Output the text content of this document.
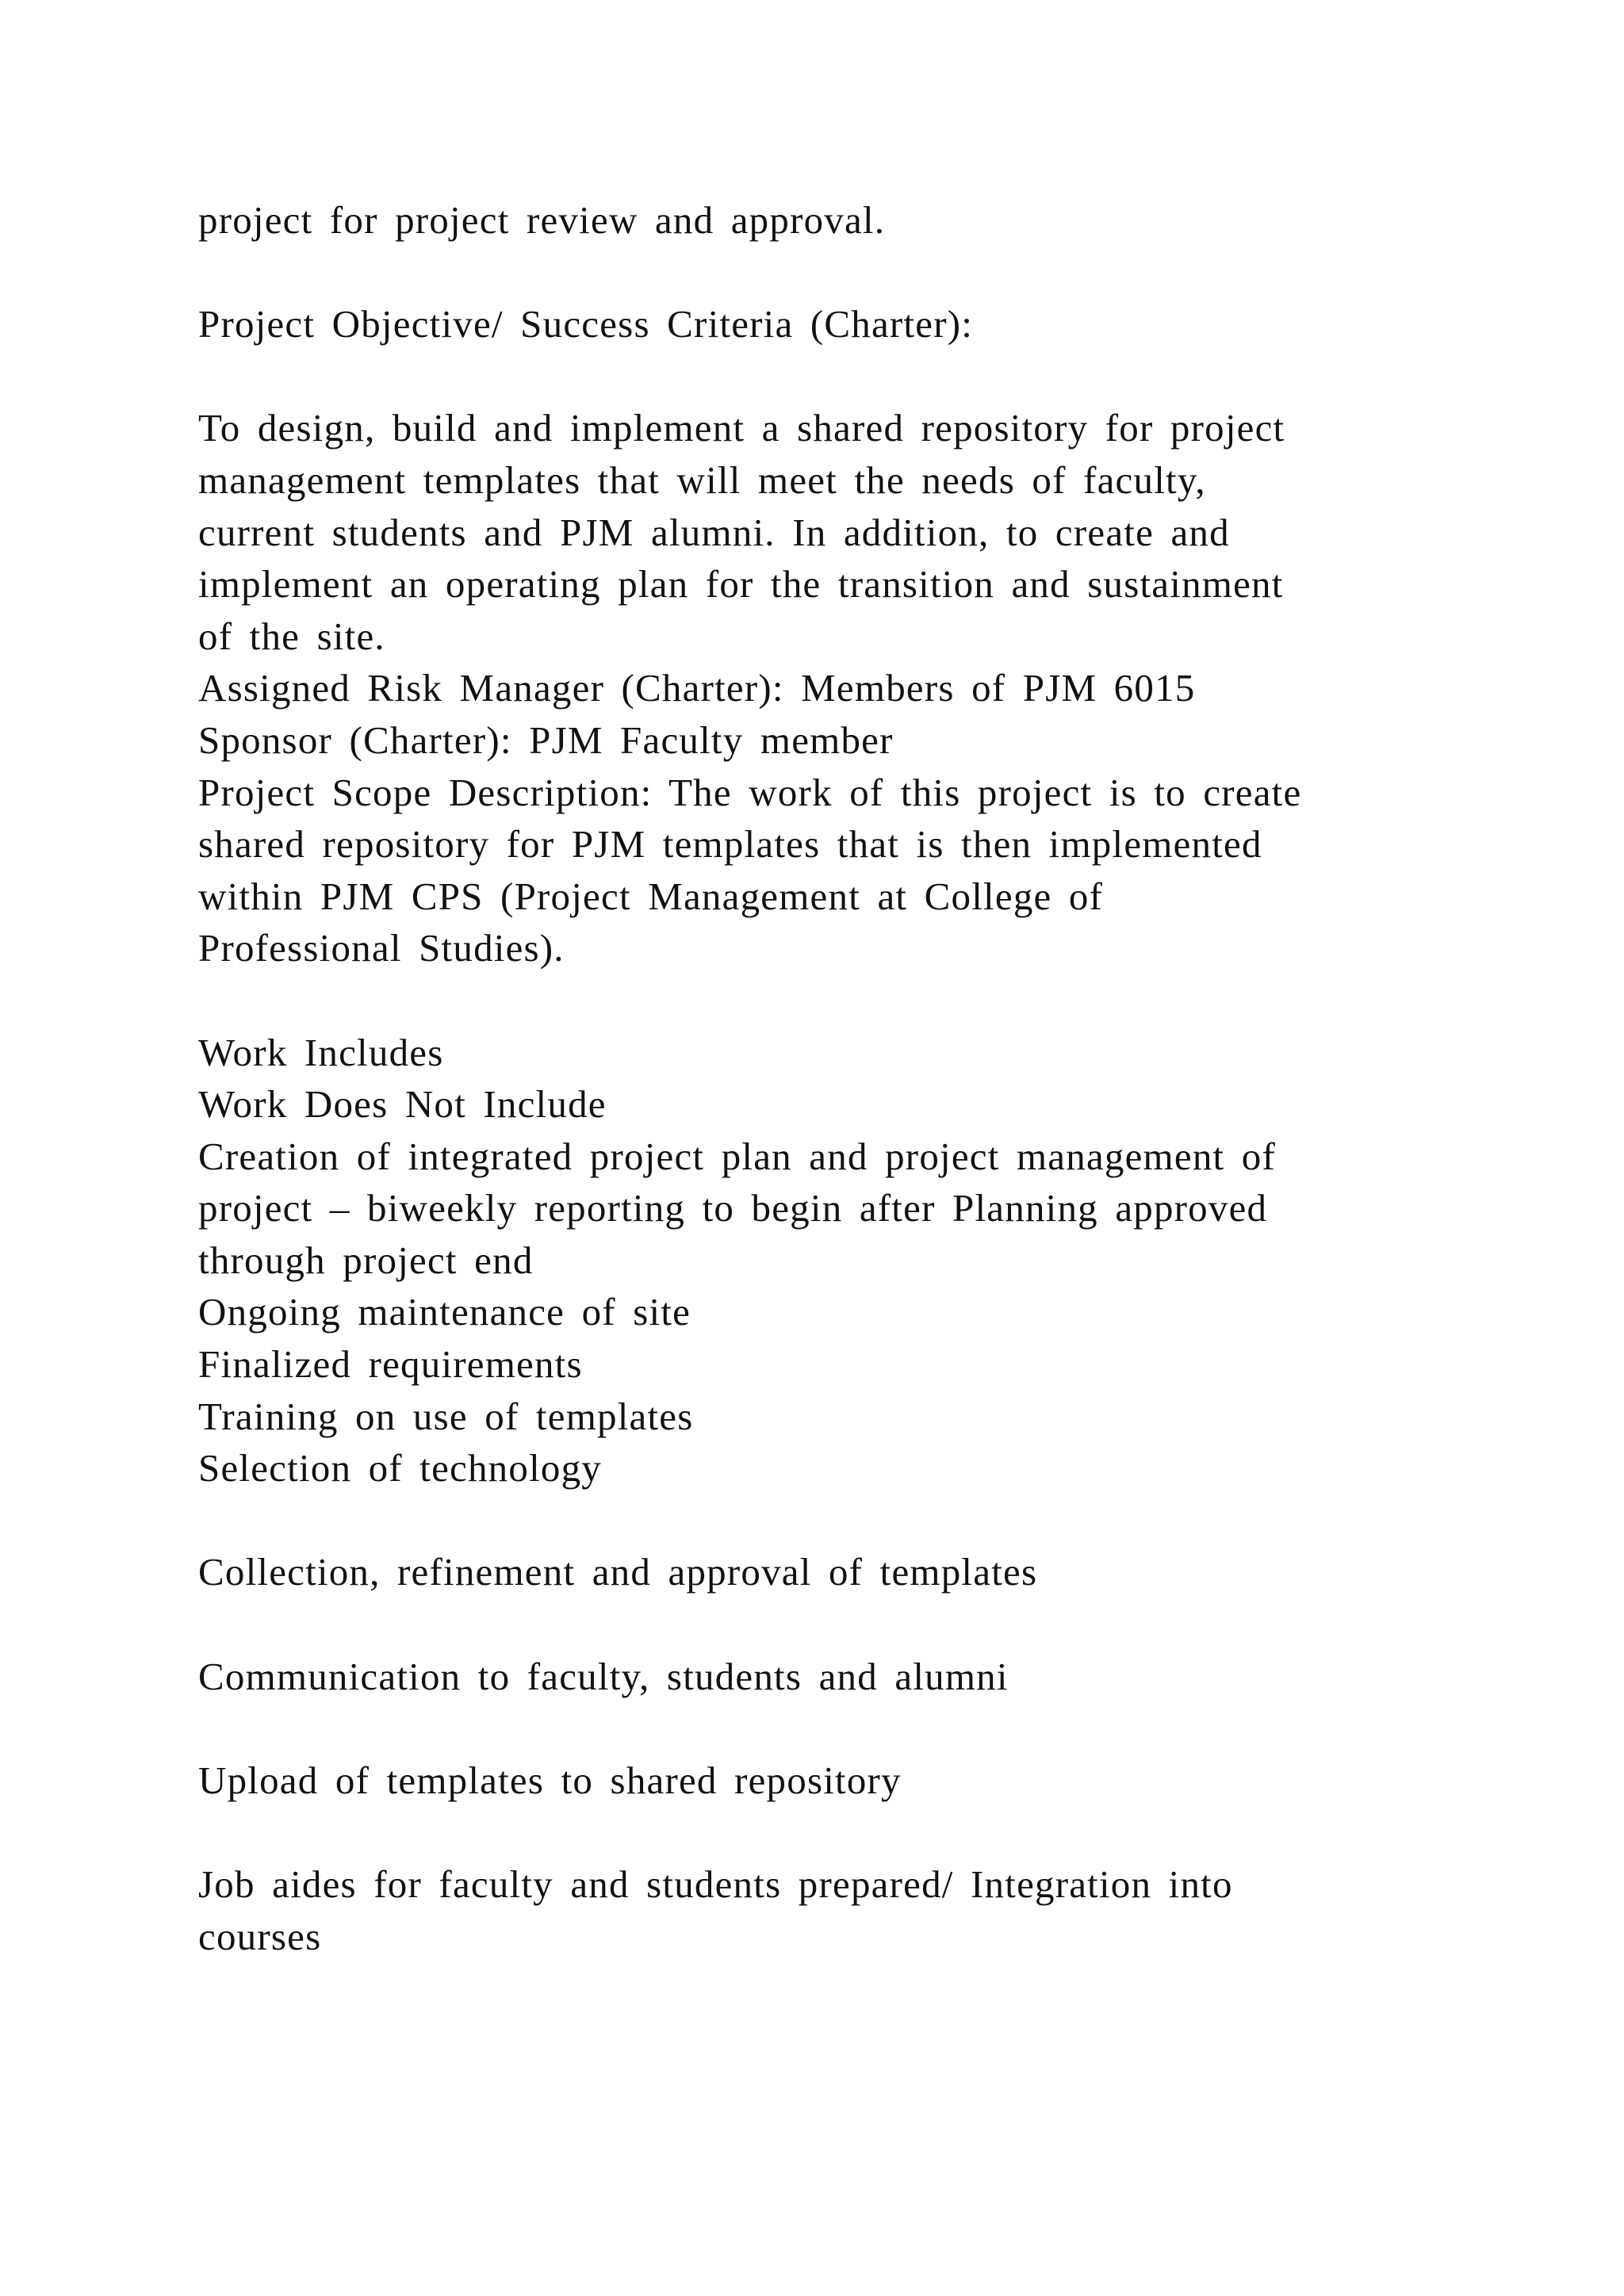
project for project review and approval.
Project Objective/ Success Criteria (Charter):
To design, build and implement a shared repository for project
management templates that will meet the needs of faculty,
current students and PJM alumni. In addition, to create and
implement an operating plan for the transition and sustainment
of the site.
Assigned Risk Manager (Charter): Members of PJM 6015
Sponsor (Charter): PJM Faculty member
Project Scope Description: The work of this project is to create
shared repository for PJM templates that is then implemented
within PJM CPS (Project Management at College of
Professional Studies).
Work Includes
Work Does Not Include
Creation of integrated project plan and project management of
project – biweekly reporting to begin after Planning approved
through project end
Ongoing maintenance of site
Finalized requirements
Training on use of templates
Selection of technology
Collection, refinement and approval of templates
Communication to faculty, students and alumni
Upload of templates to shared repository
Job aides for faculty and students prepared/ Integration into
courses
